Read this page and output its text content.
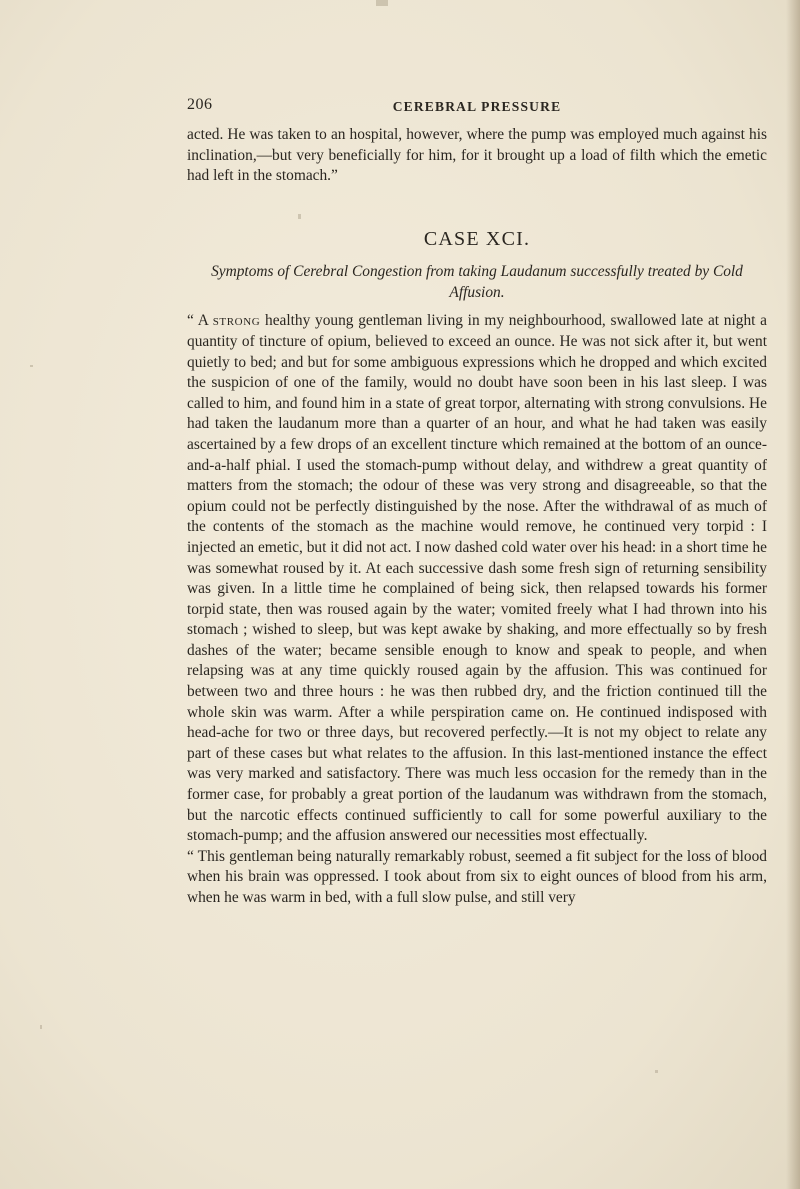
206	CEREBRAL PRESSURE

acted. He was taken to an hospital, however, where the pump was employed much against his inclination,—but very beneficially for him, for it brought up a load of filth which the emetic had left in the stomach.”

CASE XCI.

Symptoms of Cerebral Congestion from taking Laudanum successfully treated by Cold Affusion.

“ A strong healthy young gentleman living in my neighbourhood, swallowed late at night a quantity of tincture of opium, believed to exceed an ounce. He was not sick after it, but went quietly to bed; and but for some ambiguous expressions which he dropped and which excited the suspicion of one of the family, would no doubt have soon been in his last sleep. I was called to him, and found him in a state of great torpor, alternating with strong convulsions. He had taken the laudanum more than a quarter of an hour, and what he had taken was easily ascertained by a few drops of an excellent tincture which remained at the bottom of an ounce-and-a-half phial. I used the stomach-pump without delay, and withdrew a great quantity of matters from the stomach; the odour of these was very strong and disagreeable, so that the opium could not be perfectly distinguished by the nose. After the withdrawal of as much of the contents of the stomach as the machine would remove, he continued very torpid : I injected an emetic, but it did not act. I now dashed cold water over his head: in a short time he was somewhat roused by it. At each successive dash some fresh sign of returning sensibility was given. In a little time he complained of being sick, then relapsed towards his former torpid state, then was roused again by the water; vomited freely what I had thrown into his stomach ; wished to sleep, but was kept awake by shaking, and more effectually so by fresh dashes of the water; became sensible enough to know and speak to people, and when relapsing was at any time quickly roused again by the affusion. This was continued for between two and three hours : he was then rubbed dry, and the friction continued till the whole skin was warm. After a while perspiration came on. He continued indisposed with head-ache for two or three days, but recovered perfectly.—It is not my object to relate any part of these cases but what relates to the affusion. In this last-mentioned instance the effect was very marked and satisfactory. There was much less occasion for the remedy than in the former case, for probably a great portion of the laudanum was withdrawn from the stomach, but the narcotic effects continued sufficiently to call for some powerful auxiliary to the stomach-pump; and the affusion answered our necessities most effectually.

“ This gentleman being naturally remarkably robust, seemed a fit subject for the loss of blood when his brain was oppressed. I took about from six to eight ounces of blood from his arm, when he was warm in bed, with a full slow pulse, and still very
